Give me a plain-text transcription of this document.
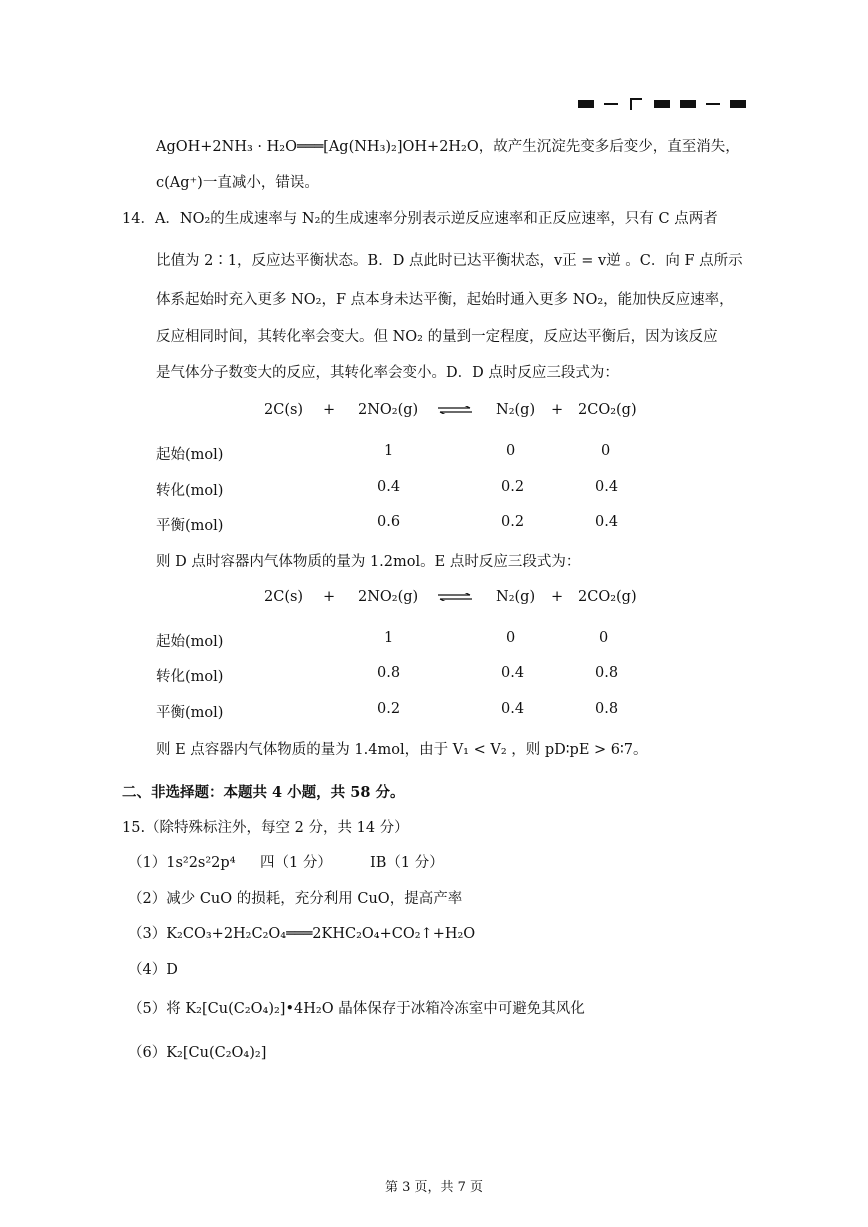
AgOH+2NH₃ · H₂O═══[Ag(NH₃)₂]OH+2H₂O，故产生沉淀先变多后变少，直至消失，
c(Ag⁺)一直减小，错误。
14．A．NO₂的生成速率与 N₂的生成速率分别表示逆反应速率和正反应速率，只有 C 点两者
比值为 2∶1，反应达平衡状态。B．D 点此时已达平衡状态，v正 = v逆 。C．向 F 点所示
体系起始时充入更多 NO₂，F 点本身未达平衡，起始时通入更多 NO₂，能加快反应速率，
反应相同时间，其转化率会变大。但 NO₂ 的量到一定程度，反应达平衡后，因为该反应
是气体分子数变大的反应，其转化率会变小。D．D 点时反应三段式为：
2C(s) + 2NO₂(g) ⇌ N₂(g) + 2CO₂(g)
起始(mol)	1	0	0
转化(mol)	0.4	0.2	0.4
平衡(mol)	0.6	0.2	0.4
则 D 点时容器内气体物质的量为 1.2mol。E 点时反应三段式为：
2C(s) + 2NO₂(g) ⇌ N₂(g) + 2CO₂(g)
起始(mol)	1	0	0
转化(mol)	0.8	0.4	0.8
平衡(mol)	0.2	0.4	0.8
则 E 点容器内气体物质的量为 1.4mol，由于 V₁ < V₂ ，则 pD∶pE > 6∶7。
二、非选择题：本题共 4 小题，共 58 分。
15.（除特殊标注外，每空 2 分，共 14 分）
（1）1s²2s²2p⁴ 四（1 分）	ⅠB（1 分）
（2）减少 CuO 的损耗，充分利用 CuO，提高产率
（3）K₂CO₃+2H₂C₂O₄═══2KHC₂O₄+CO₂↑+H₂O
（4）D
（5）将 K₂[Cu(C₂O₄)₂]•4H₂O 晶体保存于冰箱冷冻室中可避免其风化
（6）K₂[Cu(C₂O₄)₂]
第 3 页，共 7 页
